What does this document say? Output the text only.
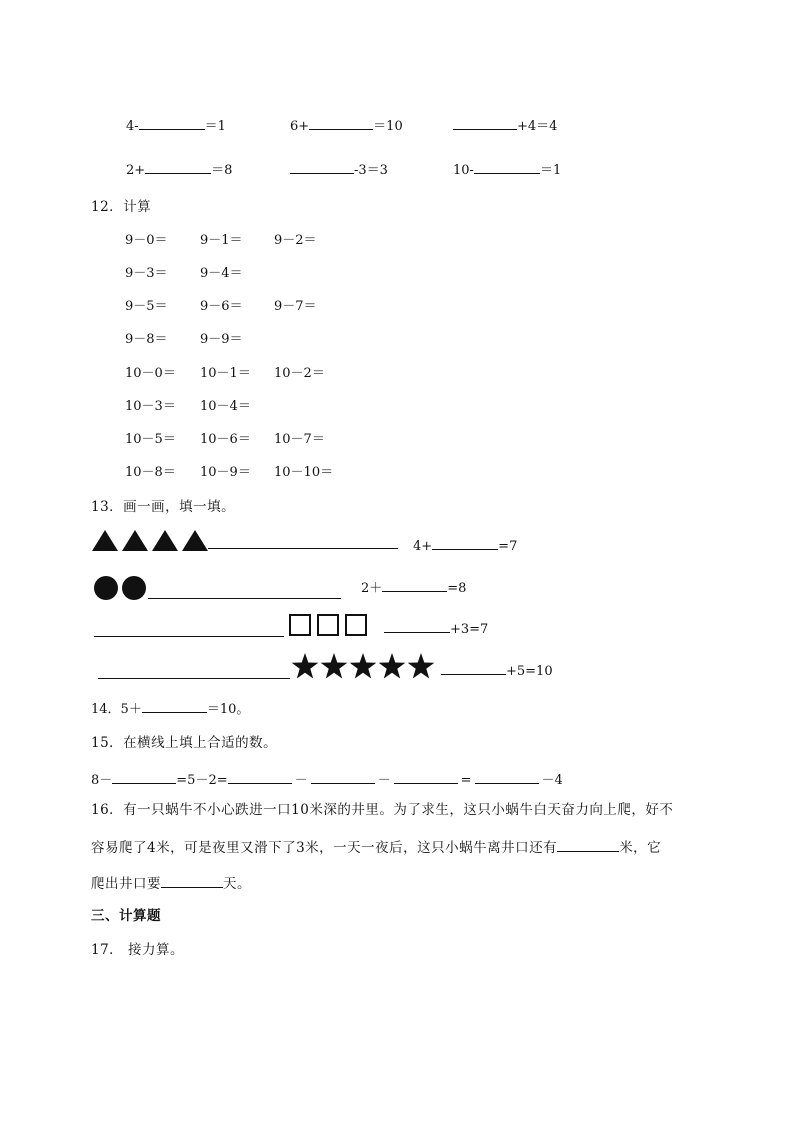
4-	＝1	6+	＝10	+4＝4
2+	＝8	-3＝3	10-	＝1
12．计算
9－0＝ 9－1＝ 9－2＝
9－3＝ 9－4＝
9－5＝ 9－6＝ 9－7＝
9－8＝ 9－9＝
10－0＝ 10－1＝ 10－2＝
10－3＝ 10－4＝
10－5＝ 10－6＝ 10－7＝
10－8＝ 10－9＝ 10－10＝
13．画一画，填一填。
4+	=7
2＋	=8
+3=7
+5=10
14．5＋	＝10。
15．在横线上填上合适的数。
8－	=5－2=	－	－	=	－4
16．有一只蜗牛不小心跌进一口10米深的井里。为了求生，这只小蜗牛白天奋力向上爬，好不
容易爬了4米，可是夜里又滑下了3米，一天一夜后，这只小蜗牛离井口还有	米，它
爬出井口要	天。
三、计算题
17． 接力算。
